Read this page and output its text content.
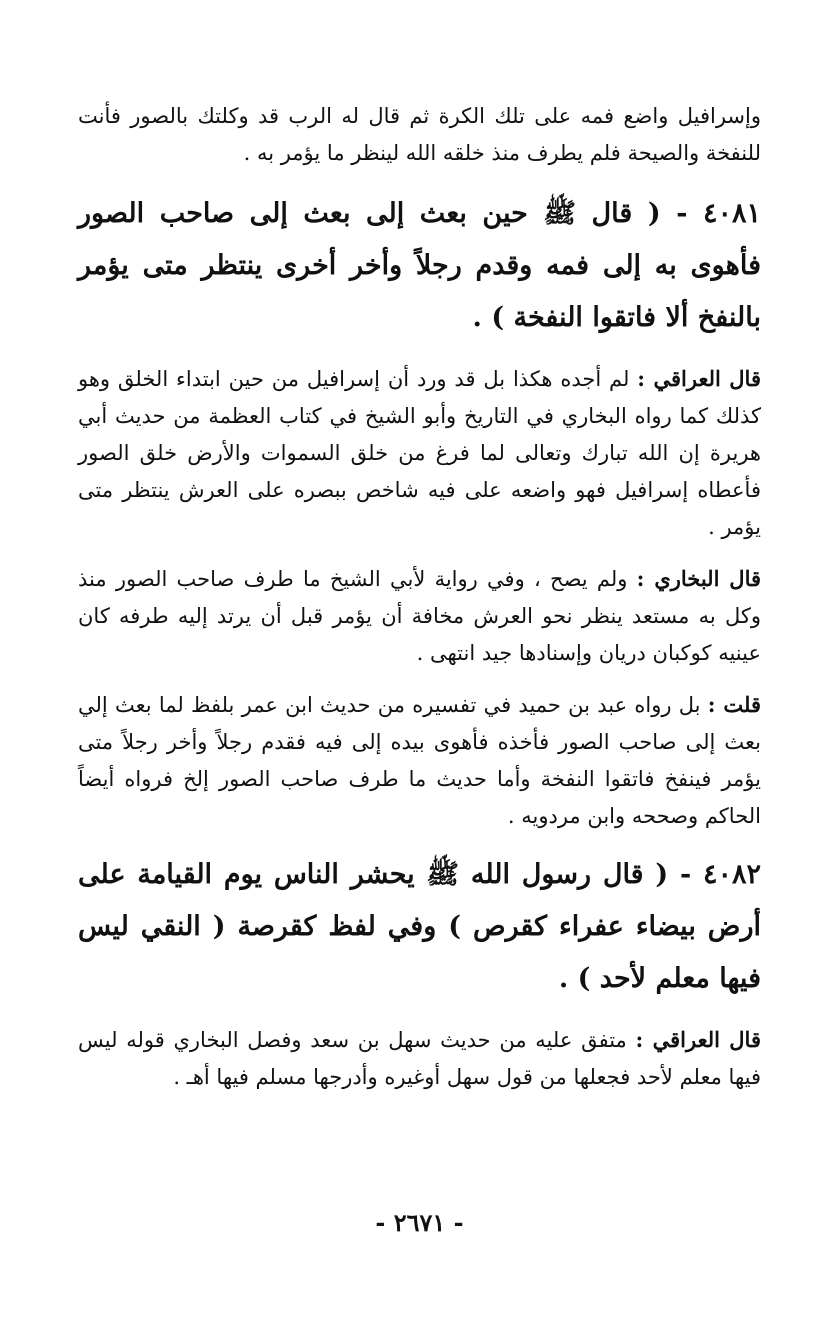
وإسرافيل واضع فمه على تلك الكرة ثم قال له الرب قد وكلتك بالصور فأنت للنفخة والصيحة فلم يطرف منذ خلقه الله لينظر ما يؤمر به .

٤٠٨١ - ( قال ﷺ حين بعث إلى بعث إلى صاحب الصور فأهوى به إلى فمه وقدم رجلاً وأخر أخرى ينتظر متى يؤمر بالنفخ ألا فاتقوا النفخة ) .

قال العراقي : لم أجده هكذا بل قد ورد أن إسرافيل من حين ابتداء الخلق وهو كذلك كما رواه البخاري في التاريخ وأبو الشيخ في كتاب العظمة من حديث أبي هريرة إن الله تبارك وتعالى لما فرغ من خلق السموات والأرض خلق الصور فأعطاه إسرافيل فهو واضعه على فيه شاخص ببصره على العرش ينتظر متى يؤمر .

قال البخاري : ولم يصح ، وفي رواية لأبي الشيخ ما طرف صاحب الصور منذ وكل به مستعد ينظر نحو العرش مخافة أن يؤمر قبل أن يرتد إليه طرفه كان عينيه كوكبان دريان وإسنادها جيد انتهى .

قلت : بل رواه عبد بن حميد في تفسيره من حديث ابن عمر بلفظ لما بعث إلي بعث إلى صاحب الصور فأخذه فأهوى بيده إلى فيه فقدم رجلاً وأخر رجلاً متى يؤمر فينفخ فاتقوا النفخة وأما حديث ما طرف صاحب الصور إلخ فرواه أيضاً الحاكم وصححه وابن مردويه .

٤٠٨٢ - ( قال رسول الله ﷺ يحشر الناس يوم القيامة على أرض بيضاء عفراء كقرص ) وفي لفظ كقرصة ( النقي ليس فيها معلم لأحد ) .

قال العراقي : متفق عليه من حديث سهل بن سعد وفصل البخاري قوله ليس فيها معلم لأحد فجعلها من قول سهل أوغيره وأدرجها مسلم فيها أهـ .

- ٢٦٧١ -
